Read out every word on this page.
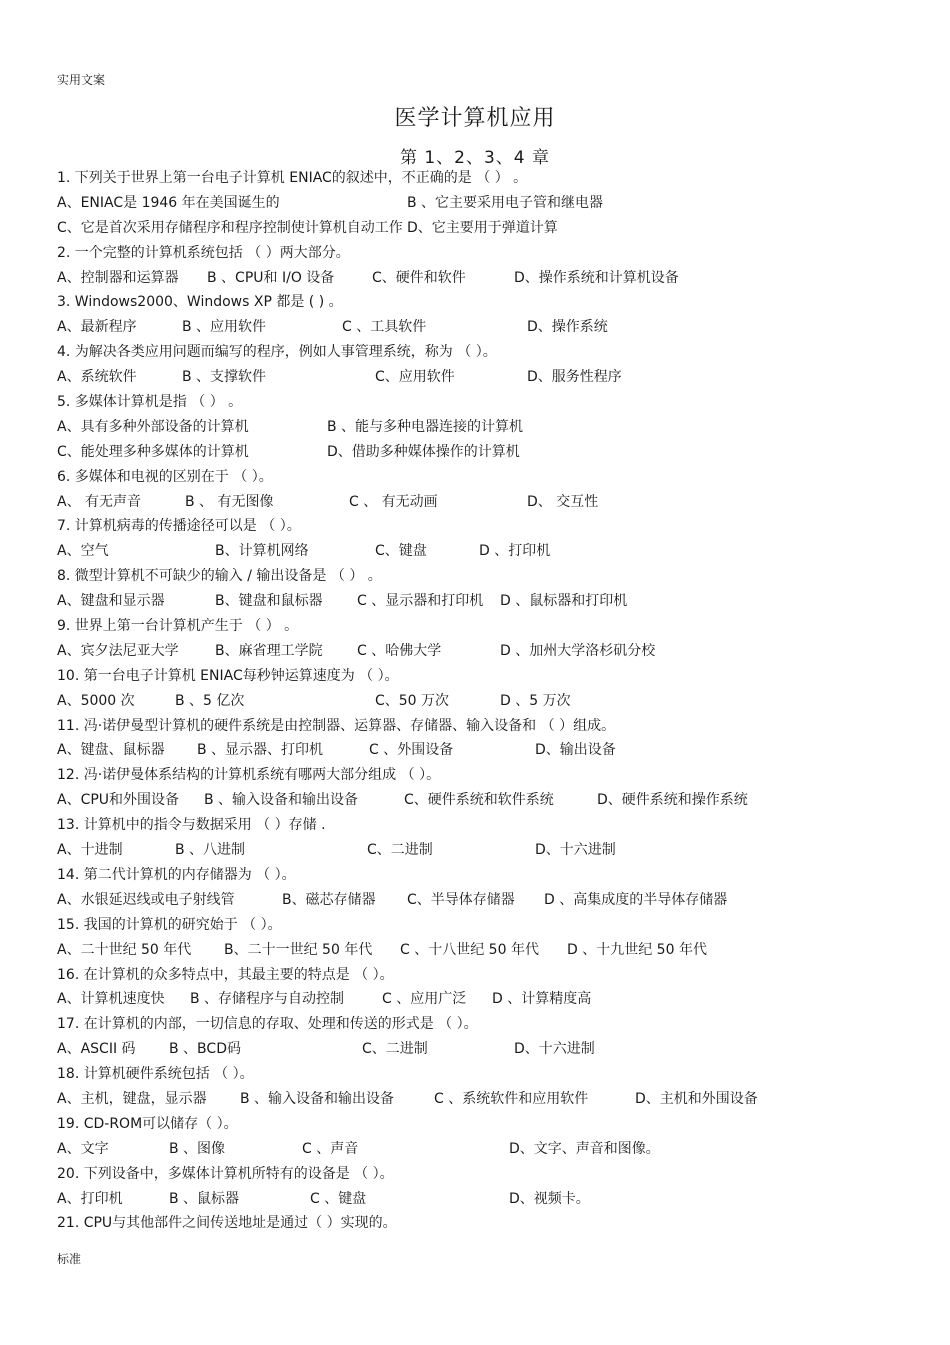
实用文案
医学计算机应用
第 1、2、3、4 章
1. 下列关于世界上第一台电子计算机 ENIAC的叙述中，不正确的是 （ ） 。
A、ENIAC是 1946 年在美国诞生的	B 、它主要采用电子管和继电器
C、它是首次采用存储程序和程序控制使计算机自动工作 D、它主要用于弹道计算
2. 一个完整的计算机系统包括 （ ）两大部分。
A、控制器和运算器 B 、CPU和 I/O 设备	C、硬件和软件	D、操作系统和计算机设备
3. Windows2000、Windows XP 都是 ( ) 。
A、最新程序	B 、应用软件	C 、工具软件	D、操作系统
4. 为解决各类应用问题而编写的程序，例如人事管理系统，称为 （ ）。
A、系统软件	B 、支撑软件	C、应用软件	D、服务性程序
5. 多媒体计算机是指 （ ） 。
A、具有多种外部设备的计算机	B 、能与多种电器连接的计算机
C、能处理多种多媒体的计算机	D、借助多种媒体操作的计算机
6. 多媒体和电视的区别在于 （ ）。
A、 有无声音	B 、 有无图像	C 、 有无动画	D、 交互性
7. 计算机病毒的传播途径可以是 （ ）。
A、空气	B、计算机网络	C、键盘	D 、打印机
8. 微型计算机不可缺少的输入 / 输出设备是 （ ） 。
A、键盘和显示器	B、键盘和鼠标器 C 、显示器和打印机 D 、鼠标器和打印机
9. 世界上第一台计算机产生于 （ ） 。
A、宾夕法尼亚大学	B、麻省理工学院 C 、哈佛大学	D 、加州大学洛杉矶分校
10. 第一台电子计算机 ENIAC每秒钟运算速度为 （ ）。
A、5000 次	B 、5 亿次	C、50 万次	D 、5 万次
11. 冯·诺伊曼型计算机的硬件系统是由控制器、运算器、存储器、输入设备和 （ ）组成。
A、键盘、鼠标器 B 、显示器、打印机	C 、外围设备	D、输出设备
12. 冯·诺伊曼体系结构的计算机系统有哪两大部分组成 （ ）。
A、CPU和外围设备 B 、输入设备和输出设备	C、硬件系统和软件系统	D、硬件系统和操作系统
13. 计算机中的指令与数据采用 （ ）存储 .
A、十进制	B 、八进制	C、二进制	D、十六进制
14. 第二代计算机的内存储器为 （ ）。
A、水银延迟线或电子射线管	B、磁芯存储器 C、半导体存储器 D 、高集成度的半导体存储器
15. 我国的计算机的研究始于 （ ）。
A、二十世纪 50 年代 B、二十一世纪 50 年代 C 、十八世纪 50 年代 D 、十九世纪 50 年代
16. 在计算机的众多特点中，其最主要的特点是 （ ）。
A、计算机速度快 B 、存储程序与自动控制	C 、应用广泛 D 、计算精度高
17. 在计算机的内部，一切信息的存取、处理和传送的形式是 （ ）。
A、ASCII 码 B 、BCD码	C、二进制	D、十六进制
18. 计算机硬件系统包括 （ ）。
A、主机，键盘，显示器 B 、输入设备和输出设备	C 、系统软件和应用软件	D、主机和外围设备
19. CD-ROM可以储存（ ）。
A、文字	B 、图像	C 、声音	D、文字、声音和图像。
20. 下列设备中，多媒体计算机所特有的设备是 （ ）。
A、打印机	B 、鼠标器	C 、键盘	D、视频卡。
21. CPU与其他部件之间传送地址是通过（ ）实现的。
标准
